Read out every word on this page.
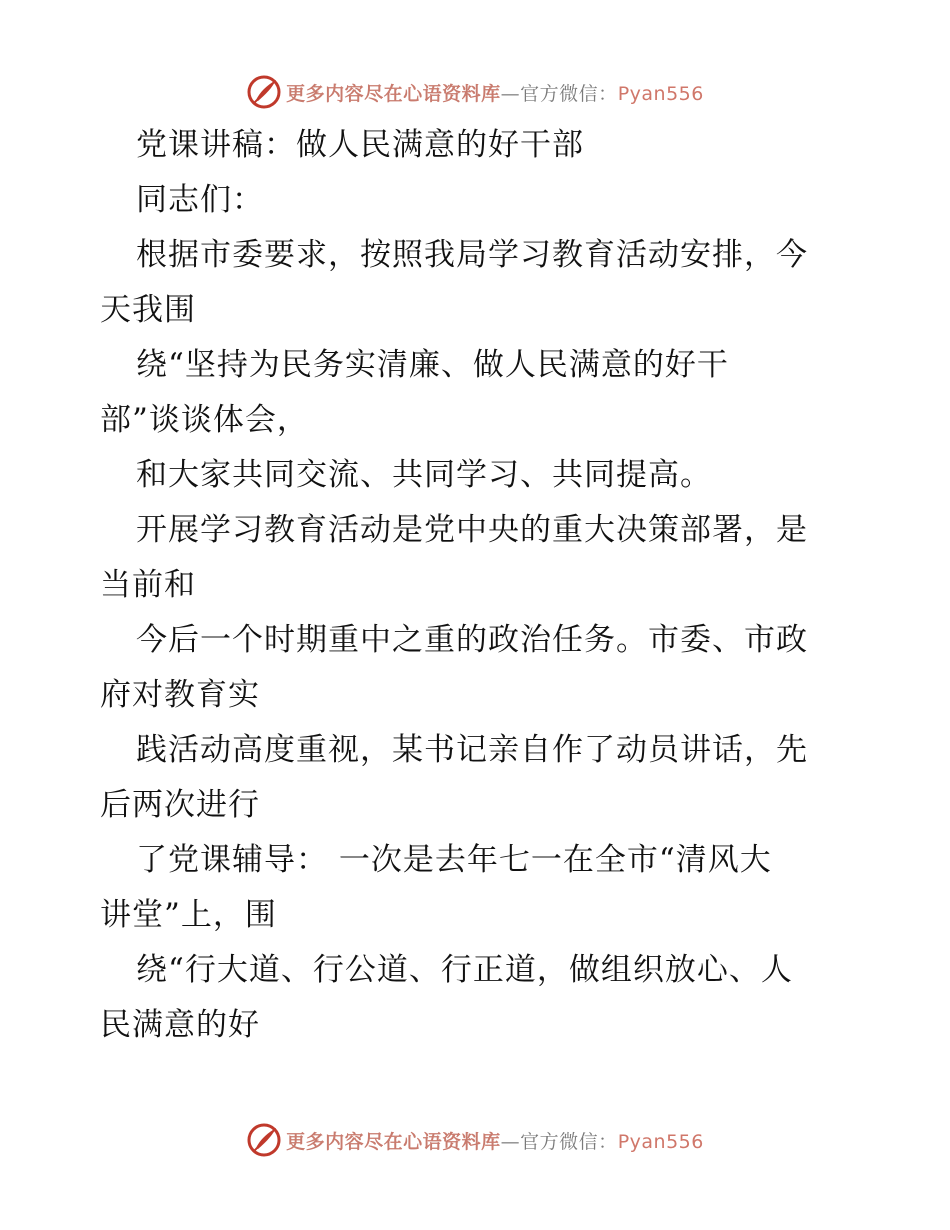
更多内容尽在心语资料库—官方微信：Pyan556
党课讲稿：做人民满意的好干部
同志们：
根据市委要求，按照我局学习教育活动安排，今
天我围
绕“坚持为民务实清廉、做人民满意的好干
部”谈谈体会，
和大家共同交流、共同学习、共同提高。
开展学习教育活动是党中央的重大决策部署，是
当前和
今后一个时期重中之重的政治任务。市委、市政
府对教育实
践活动高度重视，某书记亲自作了动员讲话，先
后两次进行
了党课辅导： 一次是去年七一在全市“清风大
讲堂”上，围
绕“行大道、行公道、行正道，做组织放心、人
民满意的好
更多内容尽在心语资料库—官方微信：Pyan556
